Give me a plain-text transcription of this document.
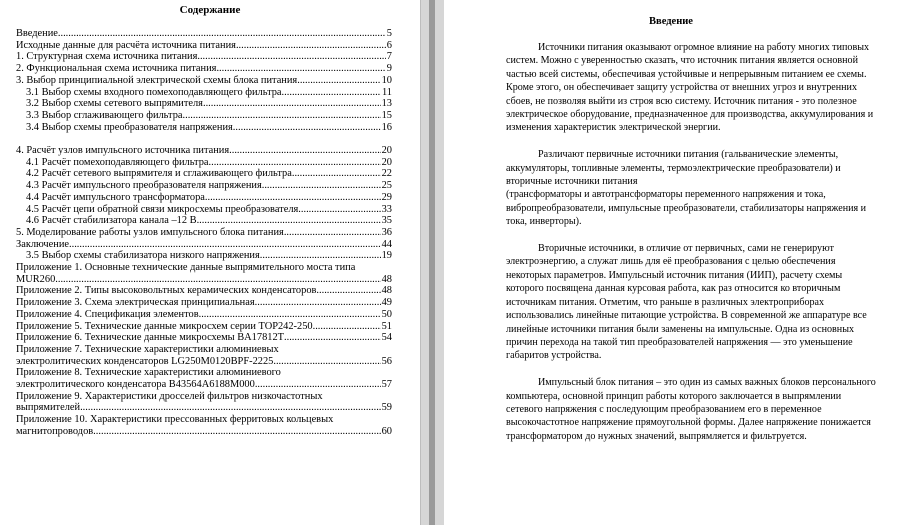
Содержание
Введение .....	5
Исходные данные для расчёта источника питания .....	6
1. Структурная схема источника питания .....	7
2. Функциональная схема источника питания. .....	9
3. Выбор принципиальной электрической схемы блока питания. .....	10
3.1 Выбор схемы входного помехоподавляющего фильтра .....	11
3.2 Выбор схемы сетевого выпрямителя. .....	13
3.3 Выбор сглаживающего фильтра. .....	15
3.4 Выбор схемы преобразователя напряжения .....	16
4. Расчёт узлов импульсного источника питания .....	20
4.1 Расчёт помехоподавляющего фильтра .....	20
4.2 Расчёт сетевого выпрямителя и сглаживающего фильтра .....	22
4.3 Расчёт импульсного преобразователя напряжения .....	25
4.4 Расчёт импульсного трансформатора .....	29
4.5 Расчёт цепи обратной связи микросхемы преобразователя .....	33
4.6 Расчёт стабилизатора канала –12 В .....	35
5. Моделирование работы узлов импульсного блока питания .....	36
Заключение .....	44
3.5 Выбор схемы стабилизатора низкого напряжения .....	19
Приложение 1. Основные технические данные выпрямительного моста типа
MUR260 .....	48
Приложение 2. Типы высоковольтных керамических конденсаторов. .....	48
Приложение 3. Схема электрическая принципиальная. .....	49
Приложение 4. Спецификация элементов .....	50
Приложение 5. Технические данные микросхем серии TOP242-250. .....	51
Приложение 6. Технические данные микросхемы BA17812T .....	54
Приложение 7. Технические характеристики алюминиевых
электролитических конденсаторов LG250M0120BPF-2225 .....	56
Приложение 8. Технические характеристики алюминиевого
электролитического конденсатора B43564A6188M000 .....	57
Приложение 9. Характеристики дросселей фильтров низкочастотных
выпрямителей .....	59
Приложение 10. Характеристики прессованных ферритовых кольцевых
магнитопроводов .....	60
Введение

Источники питания оказывают огромное влияние на работу многих типовых систем. Можно с уверенностью сказать, что источник питания является основной частью всей системы, обеспечивая устойчивые и непрерывным питанием ее схемы. Кроме этого, он обеспечивает защиту устройства от внешних угроз и внутренних сбоев, не позволяя выйти из строя всю систему. Источник питания - это полезное электрическое оборудование, предназначенное для производства, аккумулирования и изменения характеристик электрической энергии.

Различают первичные источники питания (гальванические элементы, аккумуляторы, топливные элементы, термоэлектрические преобразователи) и вторичные источники питания
(трансформаторы и автотрансформаторы переменного напряжения и тока, вибропреобразователи, импульсные преобразователи, стабилизаторы напряжения и тока, инверторы).

Вторичные источники, в отличие от первичных, сами не генерируют электроэнергию, а служат лишь для её преобразования с целью обеспечения некоторых параметров. Импульсный источник питания (ИИП), расчету схемы которого посвящена данная курсовая работа, как раз относится ко вторичным источникам питания. Отметим, что раньше в различных электроприборах использовались линейные питающие устройства. В современной же аппаратуре все линейные источники питания были заменены на импульсные. Одна из основных причин перехода на такой тип преобразователей напряжения — это уменьшение габаритов устройства.

Импульсный блок питания – это один из самых важных блоков персонального компьютера, основной принцип работы которого заключается в выпрямлении сетевого напряжения с последующим преобразованием его в переменное высокочастотное напряжение прямоугольной формы. Далее напряжение понижается трансформатором до нужных значений, выпрямляется и фильтруется.
